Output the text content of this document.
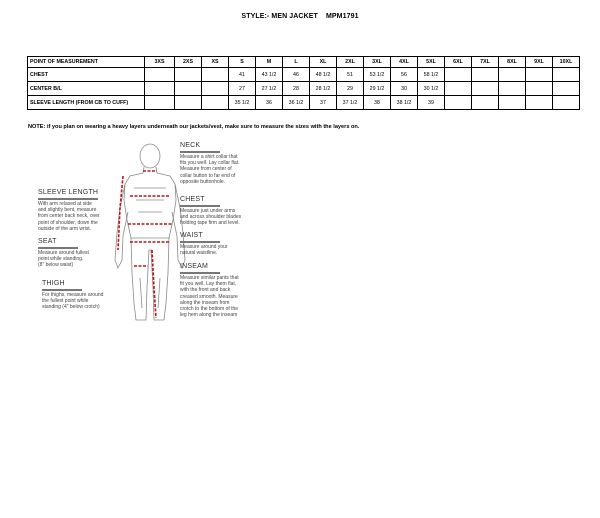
STYLE:- MEN JACKET MPM1791
POINT OF MEASUREMENT	3XS	2XS	XS	S	M	L	XL	2XL	3XL	4XL	5XL	6XL	7XL	8XL	9XL	10XL
CHEST				41	43 1/2	46	48 1/2	51	53 1/2	56	58 1/2					
CENTER B/L				27	27 1/2	28	28 1/2	29	29 1/2	30	30 1/2					
SLEEVE LENGTH (FROM CB TO CUFF)				35 1/2	36	36 1/2	37	37 1/2	38	38 1/2	39					
NOTE: if you plan on wearing a heavy layers underneath our jackets/vest, make sure to measure the sizes with the layers on.
NECK
Measure a shirt collar that
fits you well. Lay collar flat.
Measure from center of
collar button to far end of
opposite buttonhole.
SLEEVE LENGTH
With arm relaxed at side
and slightly bent, measure
from center back neck, over
point of shoulder, down the
outside of the arm wrist.
CHEST
Measure just under arms
and across shoulder blades
holding tape firm and level.
WAIST
Measure around your
natural waistline.
SEAT
Measure around fullest
point while standing.
(8" below waist)	INSEAM
Measure similar pants that
fit you well. Lay them flat,
with the front and back
creased smooth. Measure
along the inseam from
crotch to the bottom of the
leg hem along the inseam
THIGH
For thighs, measure around
the fullest point while
standing (4" below crotch)
